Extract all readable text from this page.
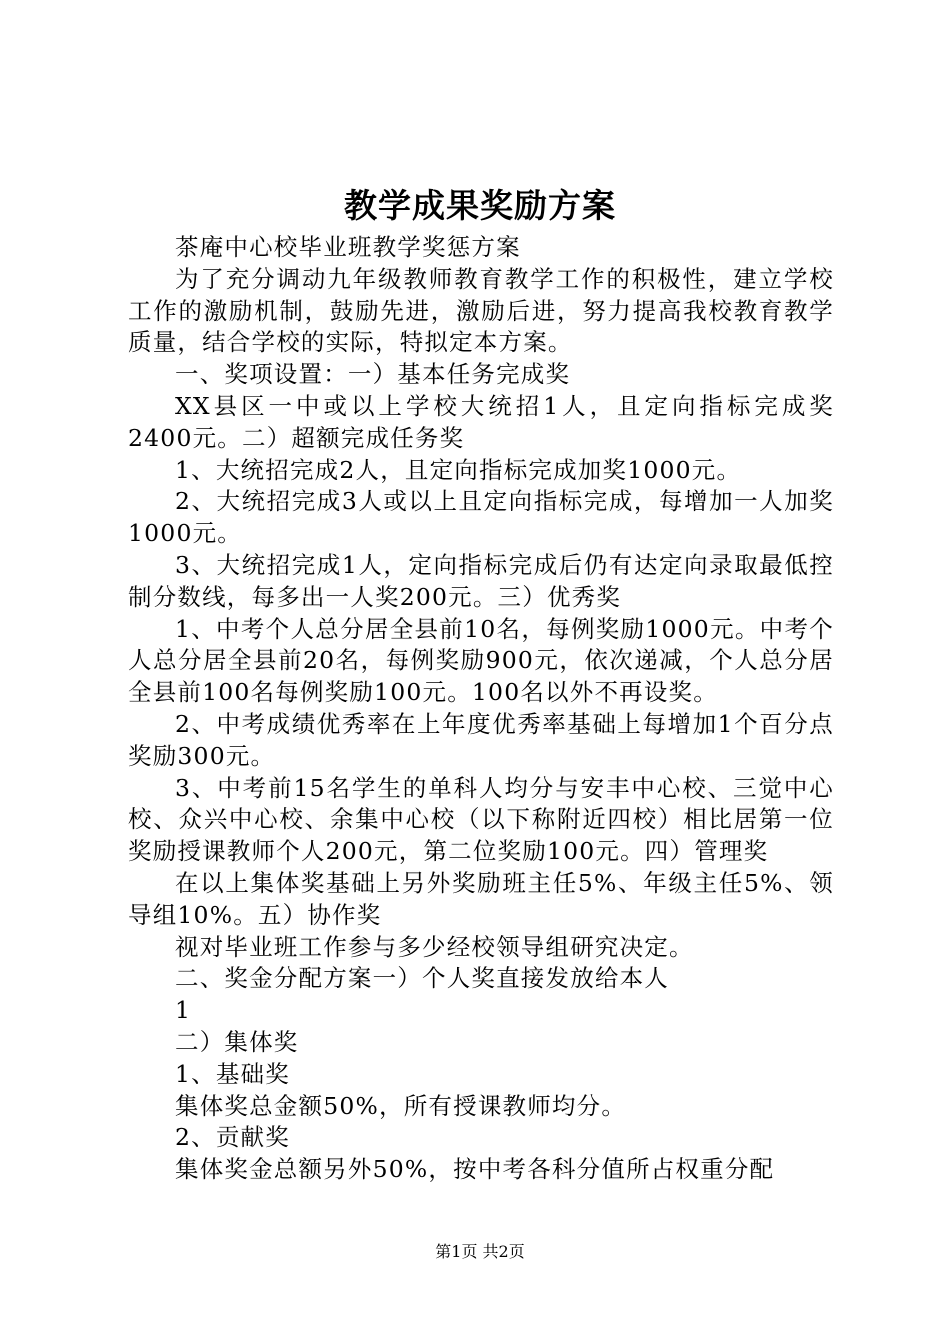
教学成果奖励方案

茶庵中心校毕业班教学奖惩方案

为了充分调动九年级教师教育教学工作的积极性，建立学校工作的激励机制，鼓励先进，激励后进，努力提高我校教育教学质量，结合学校的实际，特拟定本方案。

一、奖项设置：一）基本任务完成奖

XX县区一中或以上学校大统招1人，且定向指标完成奖2400元。二）超额完成任务奖

1、大统招完成2人，且定向指标完成加奖1000元。

2、大统招完成3人或以上且定向指标完成，每增加一人加奖1000元。

3、大统招完成1人，定向指标完成后仍有达定向录取最低控制分数线，每多出一人奖200元。三）优秀奖

1、中考个人总分居全县前10名，每例奖励1000元。中考个人总分居全县前20名，每例奖励900元，依次递减，个人总分居全县前100名每例奖励100元。100名以外不再设奖。

2、中考成绩优秀率在上年度优秀率基础上每增加1个百分点奖励300元。

3、中考前15名学生的单科人均分与安丰中心校、三觉中心校、众兴中心校、余集中心校（以下称附近四校）相比居第一位奖励授课教师个人200元，第二位奖励100元。四）管理奖

在以上集体奖基础上另外奖励班主任5%、年级主任5%、领导组10%。五）协作奖

视对毕业班工作参与多少经校领导组研究决定。

二、奖金分配方案一）个人奖直接发放给本人

1

二）集体奖

1、基础奖

集体奖总金额50%，所有授课教师均分。

2、贡献奖

集体奖金总额另外50%，按中考各科分值所占权重分配

第1页 共2页
